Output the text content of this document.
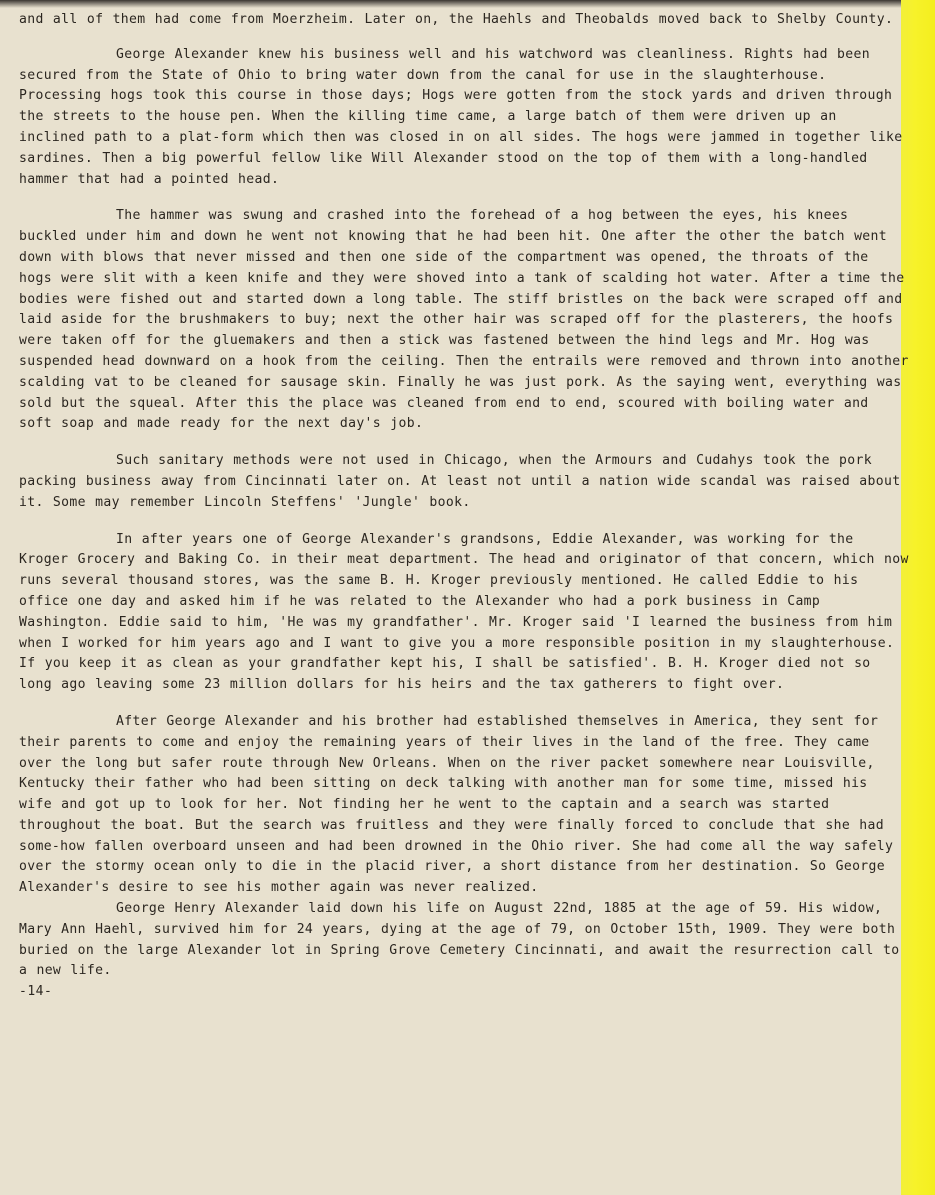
and all of them had come from Moerzheim. Later on, the Haehls and Theobalds moved back to Shelby County.

George Alexander knew his business well and his watchword was cleanliness. Rights had been secured from the State of Ohio to bring water down from the canal for use in the slaughterhouse. Processing hogs took this course in those days; Hogs were gotten from the stock yards and driven through the streets to the house pen. When the killing time came, a large batch of them were driven up an inclined path to a plat-form which then was closed in on all sides. The hogs were jammed in together like sardines. Then a big powerful fellow like Will Alexander stood on the top of them with a long-handled hammer that had a pointed head.

The hammer was swung and crashed into the forehead of a hog between the eyes, his knees buckled under him and down he went not knowing that he had been hit. One after the other the batch went down with blows that never missed and then one side of the compartment was opened, the throats of the hogs were slit with a keen knife and they were shoved into a tank of scalding hot water. After a time the bodies were fished out and started down a long table. The stiff bristles on the back were scraped off and laid aside for the brushmakers to buy; next the other hair was scraped off for the plasterers, the hoofs were taken off for the gluemakers and then a stick was fastened between the hind legs and Mr. Hog was suspended head downward on a hook from the ceiling. Then the entrails were removed and thrown into another scalding vat to be cleaned for sausage skin. Finally he was just pork. As the saying went, everything was sold but the squeal. After this the place was cleaned from end to end, scoured with boiling water and soft soap and made ready for the next day's job.

Such sanitary methods were not used in Chicago, when the Armours and Cudahys took the pork packing business away from Cincinnati later on. At least not until a nation wide scandal was raised about it. Some may remember Lincoln Steffens' 'Jungle' book.

In after years one of George Alexander's grandsons, Eddie Alexander, was working for the Kroger Grocery and Baking Co. in their meat department. The head and originator of that concern, which now runs several thousand stores, was the same B. H. Kroger previously mentioned. He called Eddie to his office one day and asked him if he was related to the Alexander who had a pork business in Camp Washington. Eddie said to him, 'He was my grandfather'. Mr. Kroger said 'I learned the business from him when I worked for him years ago and I want to give you a more responsible position in my slaughterhouse. If you keep it as clean as your grandfather kept his, I shall be satisfied'. B. H. Kroger died not so long ago leaving some 23 million dollars for his heirs and the tax gatherers to fight over.

After George Alexander and his brother had established themselves in America, they sent for their parents to come and enjoy the remaining years of their lives in the land of the free. They came over the long but safer route through New Orleans. When on the river packet somewhere near Louisville, Kentucky their father who had been sitting on deck talking with another man for some time, missed his wife and got up to look for her. Not finding her he went to the captain and a search was started throughout the boat. But the search was fruitless and they were finally forced to conclude that she had some-how fallen overboard unseen and had been drowned in the Ohio river. She had come all the way safely over the stormy ocean only to die in the placid river, a short distance from her destination. So George Alexander's desire to see his mother again was never realized.

George Henry Alexander laid down his life on August 22nd, 1885 at the age of 59. His widow, Mary Ann Haehl, survived him for 24 years, dying at the age of 79, on October 15th, 1909. They were both buried on the large Alexander lot in Spring Grove Cemetery Cincinnati, and await the resurrection call to a new life.

-14-
